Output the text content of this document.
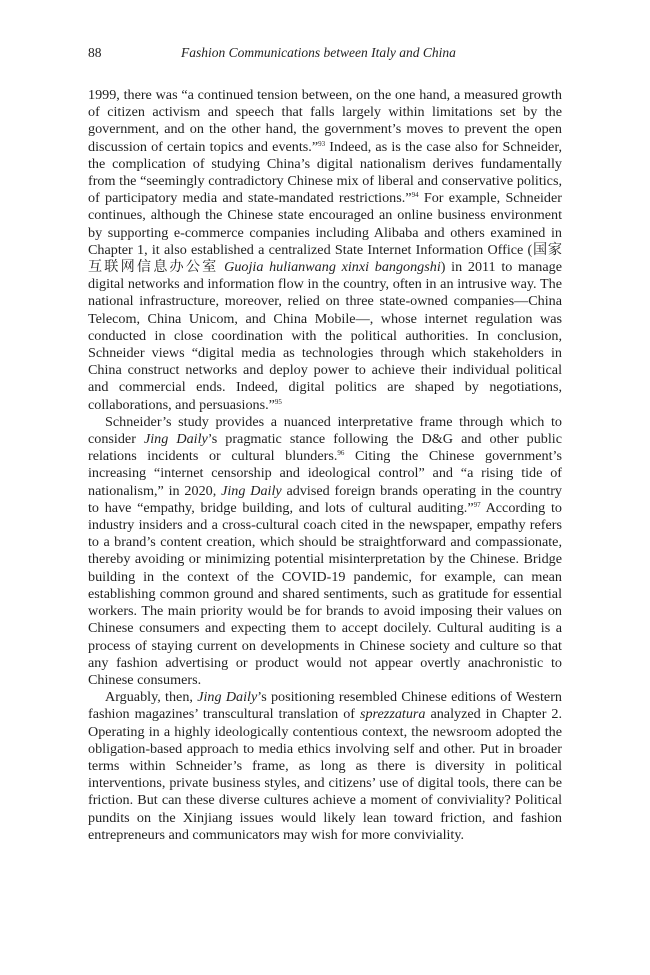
88	Fashion Communications between Italy and China

1999, there was “a continued tension between, on the one hand, a measured growth of citizen activism and speech that falls largely within limitations set by the government, and on the other hand, the government’s moves to prevent the open discussion of certain topics and events.”$^{93}$ Indeed, as is the case also for Schneider, the complication of studying China’s digital nationalism derives fundamentally from the “seemingly contradictory Chinese mix of liberal and conservative politics, of participatory media and state-mandated restrictions.”$^{94}$ For example, Schneider continues, although the Chinese state encouraged an online business environment by supporting e-commerce companies including Alibaba and others examined in Chapter 1, it also established a centralized State Internet Information Office (国家互联网信息办公室 Guojia hulianwang xinxi bangongshi) in 2011 to manage digital networks and information flow in the country, often in an intrusive way. The national infrastructure, moreover, relied on three state-owned companies—China Telecom, China Unicom, and China Mobile—, whose internet regulation was conducted in close coordination with the political authorities. In conclusion, Schneider views “digital media as technologies through which stakeholders in China construct networks and deploy power to achieve their individual political and commercial ends. Indeed, digital politics are shaped by negotiations, collaborations, and persuasions.”$^{95}$

Schneider’s study provides a nuanced interpretative frame through which to consider Jing Daily’s pragmatic stance following the D&G and other public relations incidents or cultural blunders.$^{96}$ Citing the Chinese government’s increasing “internet censorship and ideological control” and “a rising tide of nationalism,” in 2020, Jing Daily advised foreign brands operating in the country to have “empathy, bridge building, and lots of cultural auditing.”$^{97}$ According to industry insiders and a cross-cultural coach cited in the newspaper, empathy refers to a brand’s content creation, which should be straightforward and compassionate, thereby avoiding or minimizing potential misinterpretation by the Chinese. Bridge building in the context of the COVID-19 pandemic, for example, can mean establishing common ground and shared sentiments, such as gratitude for essential workers. The main priority would be for brands to avoid imposing their values on Chinese consumers and expecting them to accept docilely. Cultural auditing is a process of staying current on developments in Chinese society and culture so that any fashion advertising or product would not appear overtly anachronistic to Chinese consumers.

Arguably, then, Jing Daily’s positioning resembled Chinese editions of Western fashion magazines’ transcultural translation of sprezzatura analyzed in Chapter 2. Operating in a highly ideologically contentious context, the newsroom adopted the obligation-based approach to media ethics involving self and other. Put in broader terms within Schneider’s frame, as long as there is diversity in political interventions, private business styles, and citizens’ use of digital tools, there can be friction. But can these diverse cultures achieve a moment of conviviality? Political pundits on the Xinjiang issues would likely lean toward friction, and fashion entrepreneurs and communicators may wish for more conviviality.
